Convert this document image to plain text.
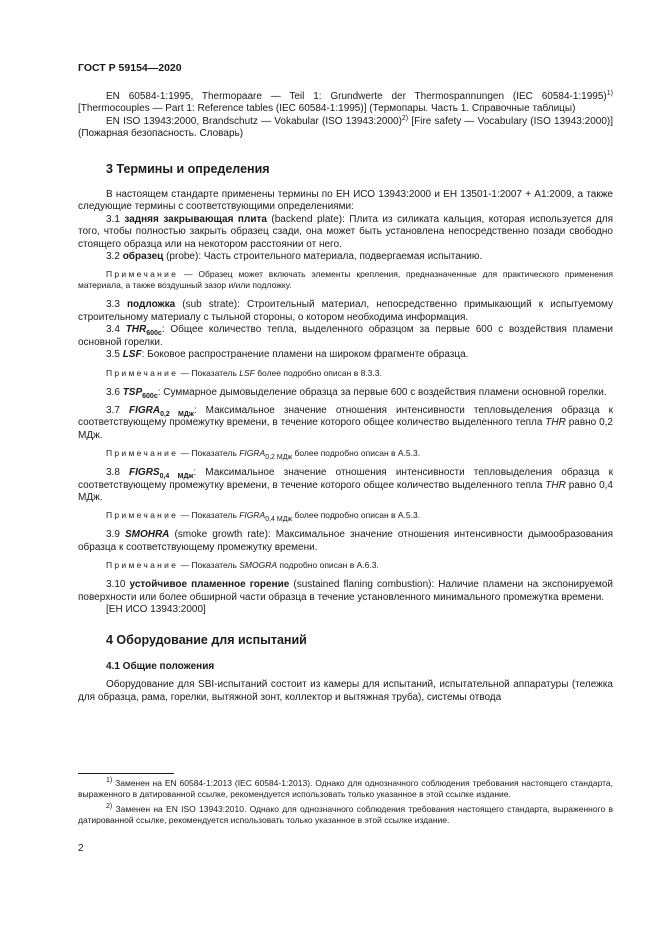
ГОСТ Р 59154—2020

EN 60584-1:1995, Thermopaare — Teil 1: Grundwerte der Thermospannungen (IEC 60584-1:1995)$^{1)}$ [Thermocouples — Part 1: Reference tables (IEC 60584-1:1995)] (Термопары. Часть 1. Справочные таблицы)

EN ISO 13943:2000, Brandschutz — Vokabular (ISO 13943:2000)$^{2)}$ [Fire safety — Vocabulary (ISO 13943:2000)] (Пожарная безопасность. Словарь)

3 Термины и определения

В настоящем стандарте применены термины по ЕН ИСО 13943:2000 и ЕН 13501-1:2007 + А1:2009, а также следующие термины с соответствующими определениями:

3.1 задняя закрывающая плита (backend plate): Плита из силиката кальция, которая используется для того, чтобы полностью закрыть образец сзади, она может быть установлена непосредственно позади свободно стоящего образца или на некотором расстоянии от него.

3.2 образец (probe): Часть строительного материала, подвергаемая испытанию.

Примечание — Образец может включать элементы крепления, предназначенные для практического применения материала, а также воздушный зазор и/или подложку.

3.3 подложка (sub strate): Строительный материал, непосредственно примыкающий к испытуемому строительному материалу с тыльной стороны, о котором необходима информация.

3.4 $THR_{600c}$: Общее количество тепла, выделенного образцом за первые 600 с воздействия пламени основной горелки.

3.5 LSF: Боковое распространение пламени на широком фрагменте образца.

Примечание — Показатель LSF более подробно описан в 8.3.3.

3.6 $TSP_{600c}$: Суммарное дымовыделение образца за первые 600 с воздействия пламени основной горелки.

3.7 $FIGRA_{0,2 МДж}$: Максимальное значение отношения интенсивности тепловыделения образца к соответствующему промежутку времени, в течение которого общее количество выделенного тепла THR равно 0,2 МДж.

Примечание — Показатель $FIGRA_{0,2 МДж}$ более подробно описан в А.5.3.

3.8 $FIGRS_{0,4 МДж}$: Максимальное значение отношения интенсивности тепловыделения образца к соответствующему промежутку времени, в течение которого общее количество выделенного тепла THR равно 0,4 МДж.

Примечание — Показатель $FIGRA_{0,4 МДж}$ более подробно описан в А.5.3.

3.9 SMOHRA (smoke growth rate): Максимальное значение отношения интенсивности дымообразования образца к соответствующему промежутку времени.

Примечание — Показатель SMOGRA подробно описан в А.6.3.

3.10 устойчивое пламенное горение (sustained flaning combustion): Наличие пламени на экспонируемой поверхности или более обширной части образца в течение установленного минимального промежутка времени.

[ЕН ИСО 13943:2000]

4 Оборудование для испытаний
4.1 Общие положения

Оборудование для SBI-испытаний состоит из камеры для испытаний, испытательной аппаратуры (тележка для образца, рама, горелки, вытяжной зонт, коллектор и вытяжная труба), системы отвода

$^{1)}$ Заменен на EN 60584-1:2013 (IEC 60584-1:2013). Однако для однозначного соблюдения требования настоящего стандарта, выраженного в датированной ссылке, рекомендуется использовать только указанное в этой ссылке издание.

$^{2)}$ Заменен на EN ISO 13943:2010. Однако для однозначного соблюдения требования настоящего стандарта, выраженного в датированной ссылке, рекомендуется использовать только указанное в этой ссылке издание.

2
